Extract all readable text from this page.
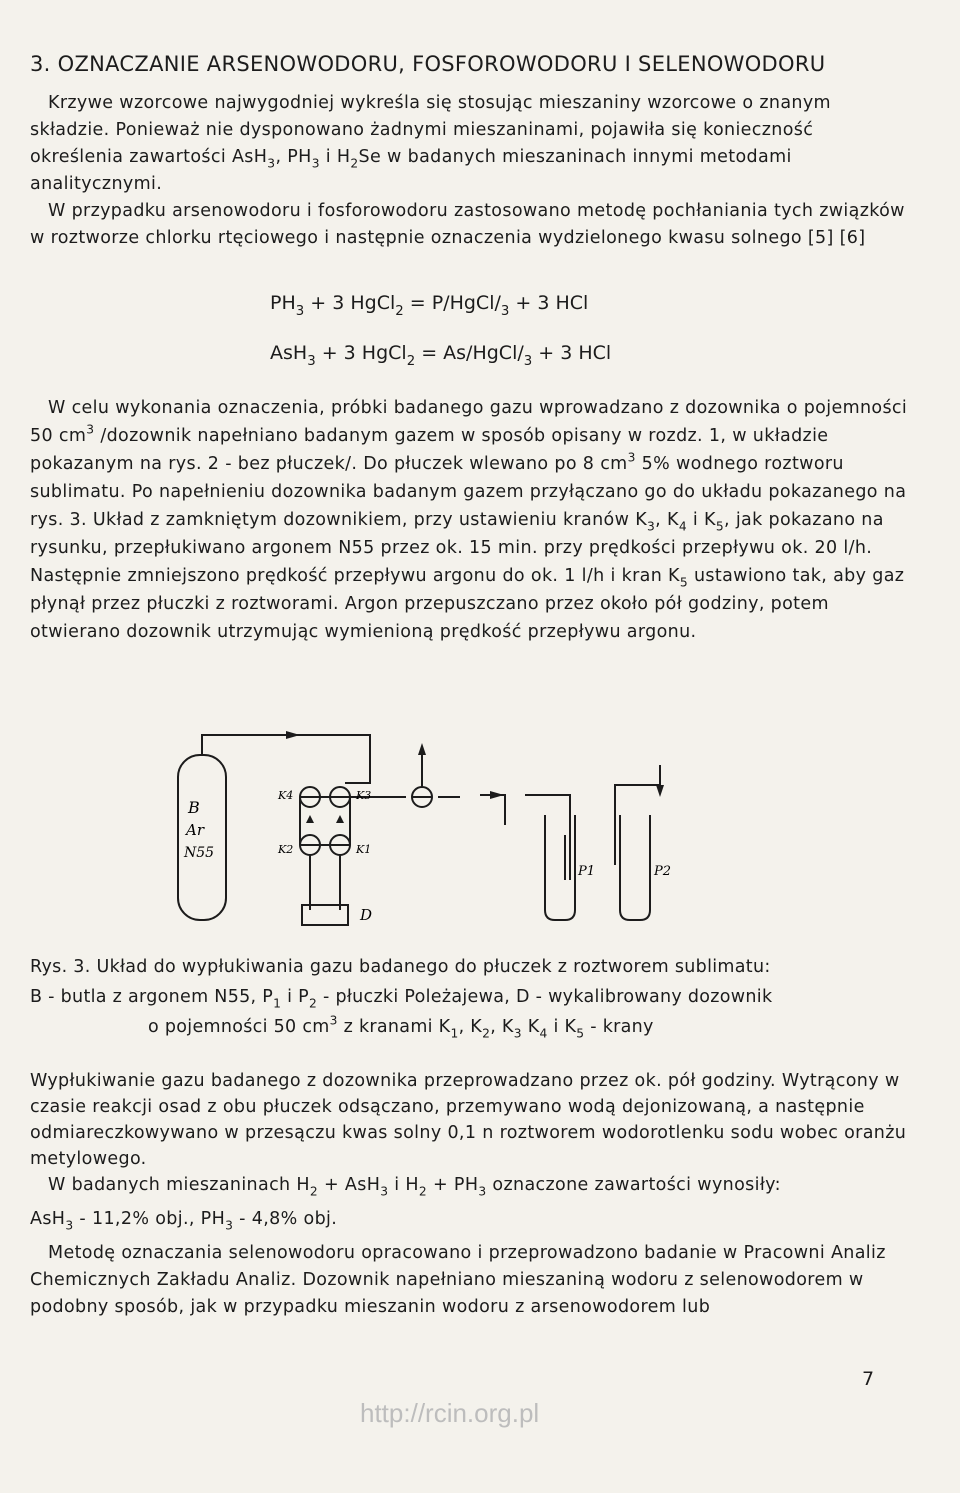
3. OZNACZANIE ARSENOWODORU, FOSFOROWODORU I SELENOWODORU

Krzywe wzorcowe najwygodniej wykreśla się stosując mieszaniny wzorcowe o znanym składzie. Ponieważ nie dysponowano żadnymi mieszaninami, pojawiła się konieczność określenia zawartości AsH$_3$, $PH_3$ i $H_2Se$ w badanych mieszaninach innymi metodami analitycznymi.

W przypadku arsenowodoru i fosforowodoru zastosowano metodę pochłaniania tych związków w roztworze chlorku rtęciowego i następnie oznaczenia wydzielonego kwasu solnego [5] [6]

$PH_3 + 3$ HgCl$_2$ = $P/HgCl/_3 + 3$ HCl
AsH$_3$ + 3 HgCl$_2$ = $As/HgCl/_3 + 3$ HCl

W celu wykonania oznaczenia, próbki badanego gazu wprowadzano z dozownika o pojemności 50 $cm^3$ /dozownik napełniano badanym gazem w sposób opisany w rozdz. 1, w układzie pokazanym na rys. 2 - bez płuczek/. Do płuczek wlewano po 8 $cm^3$ 5% wodnego roztworu sublimatu. Po napełnieniu dozownika badanym gazem przyłączano go do układu pokazanego na rys. 3. Układ z zamkniętym dozownikiem, przy ustawieniu kranów $K_3$, $K_4$ i $K_5$, jak pokazano na rysunku, przepłukiwano argonem N55 przez ok. 15 min. przy prędkości przepływu ok. 20 l/h. Następnie zmniejszono prędkość przepływu argonu do ok. 1 l/h i kran $K_5$ ustawiono tak, aby gaz płynął przez płuczki z roztworami. Argon przepuszczano przez około pół godziny, potem otwierano dozownik utrzymując wymienioną prędkość przepływu argonu.

B
Ar
N55
K4	K3
K2	K1
D
P1	P2
Rys. 3. Układ do wypłukiwania gazu badanego do płuczek z roztworem sublimatu:
B - butla z argonem N55, $P_1$ i $P_2$ - płuczki Poleżajewa, D - wykalibrowany dozownik
o pojemności 50 $cm^3$ z kranami $K_1$, $K_2$, $K_3$ $K_4$ i $K_5$ - krany

Wypłukiwanie gazu badanego z dozownika przeprowadzano przez ok. pół godziny. Wytrącony w czasie reakcji osad z obu płuczek odsączano, przemywano wodą dejonizowaną, a następnie odmiareczkowywano w przesączu kwas solny 0,1 n roztworem wodorotlenku sodu wobec oranżu metylowego.

W badanych mieszaninach $H_2 + AsH_3$ i $H_2 + PH_3$ oznaczone zawartości wynosiły:

AsH$_3$ - 11,2% obj., $PH_3 - 4,8\%$ obj.

Metodę oznaczania selenowodoru opracowano i przeprowadzono badanie w Pracowni Analiz Chemicznych Zakładu Analiz. Dozownik napełniano mieszaniną wodoru z selenowodorem w podobny sposób, jak w przypadku mieszanin wodoru z arsenowodorem lub

7
http://rcin.org.pl
